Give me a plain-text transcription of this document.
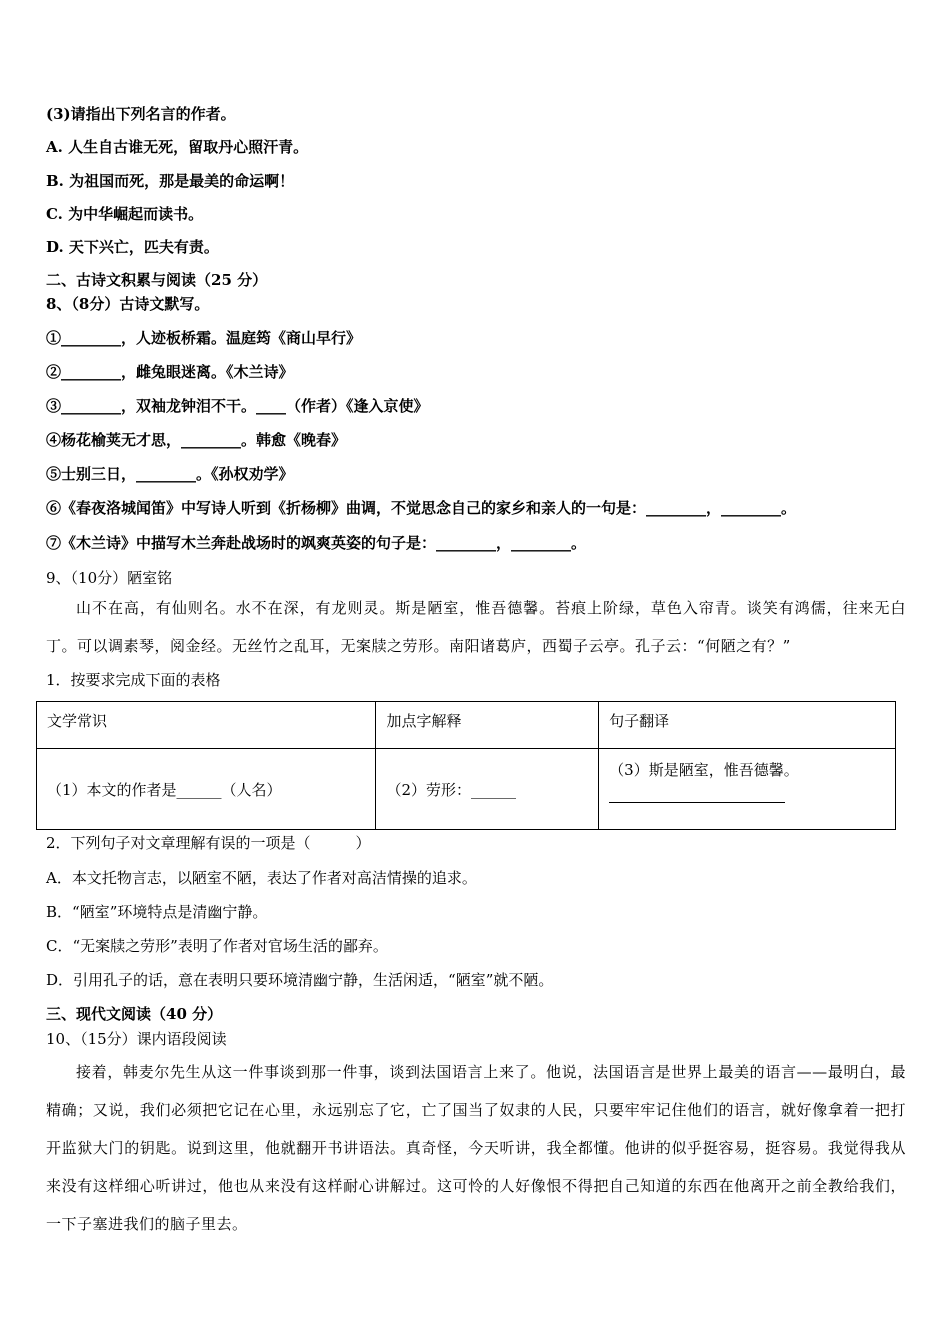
(3)请指出下列名言的作者。
A. 人生自古谁无死，留取丹心照汗青。
B. 为祖国而死，那是最美的命运啊！
C. 为中华崛起而读书。
D. 天下兴亡，匹夫有责。
二、古诗文积累与阅读（25 分）
8、（8分）古诗文默写。
①________，人迹板桥霜。温庭筠《商山早行》
②________，雌兔眼迷离。《木兰诗》
③________，双袖龙钟泪不干。____（作者）《逢入京使》
④杨花榆荚无才思，________。韩愈《晚春》
⑤士别三日，________。《孙权劝学》
⑥《春夜洛城闻笛》中写诗人听到《折杨柳》曲调，不觉思念自己的家乡和亲人的一句是：________，________。
⑦《木兰诗》中描写木兰奔赴战场时的飒爽英姿的句子是：________，________。
9、（10分）陋室铭
山不在高，有仙则名。水不在深，有龙则灵。斯是陋室，惟吾德馨。苔痕上阶绿，草色入帘青。谈笑有鸿儒，往来无白丁。可以调素琴，阅金经。无丝竹之乱耳，无案牍之劳形。南阳诸葛庐，西蜀子云亭。孔子云：“何陋之有？”
1．按要求完成下面的表格
文学常识	加点字解释	句子翻译

（1）本文的作者是______（人名）	（2）劳形：______	（3）斯是陋室，惟吾德馨。
2．下列句子对文章理解有误的一项是（　　　）
A．本文托物言志，以陋室不陋，表达了作者对高洁情操的追求。
B．“陋室”环境特点是清幽宁静。
C．“无案牍之劳形”表明了作者对官场生活的鄙弃。
D．引用孔子的话，意在表明只要环境清幽宁静，生活闲适，“陋室”就不陋。
三、现代文阅读（40 分）
10、（15分）课内语段阅读
接着，韩麦尔先生从这一件事谈到那一件事，谈到法国语言上来了。他说，法国语言是世界上最美的语言——最明白，最精确；又说，我们必须把它记在心里，永远别忘了它，亡了国当了奴隶的人民，只要牢牢记住他们的语言，就好像拿着一把打开监狱大门的钥匙。说到这里，他就翻开书讲语法。真奇怪，今天听讲，我全都懂。他讲的似乎挺容易，挺容易。我觉得我从来没有这样细心听讲过，他也从来没有这样耐心讲解过。这可怜的人好像恨不得把自己知道的东西在他离开之前全教给我们，一下子塞进我们的脑子里去。
